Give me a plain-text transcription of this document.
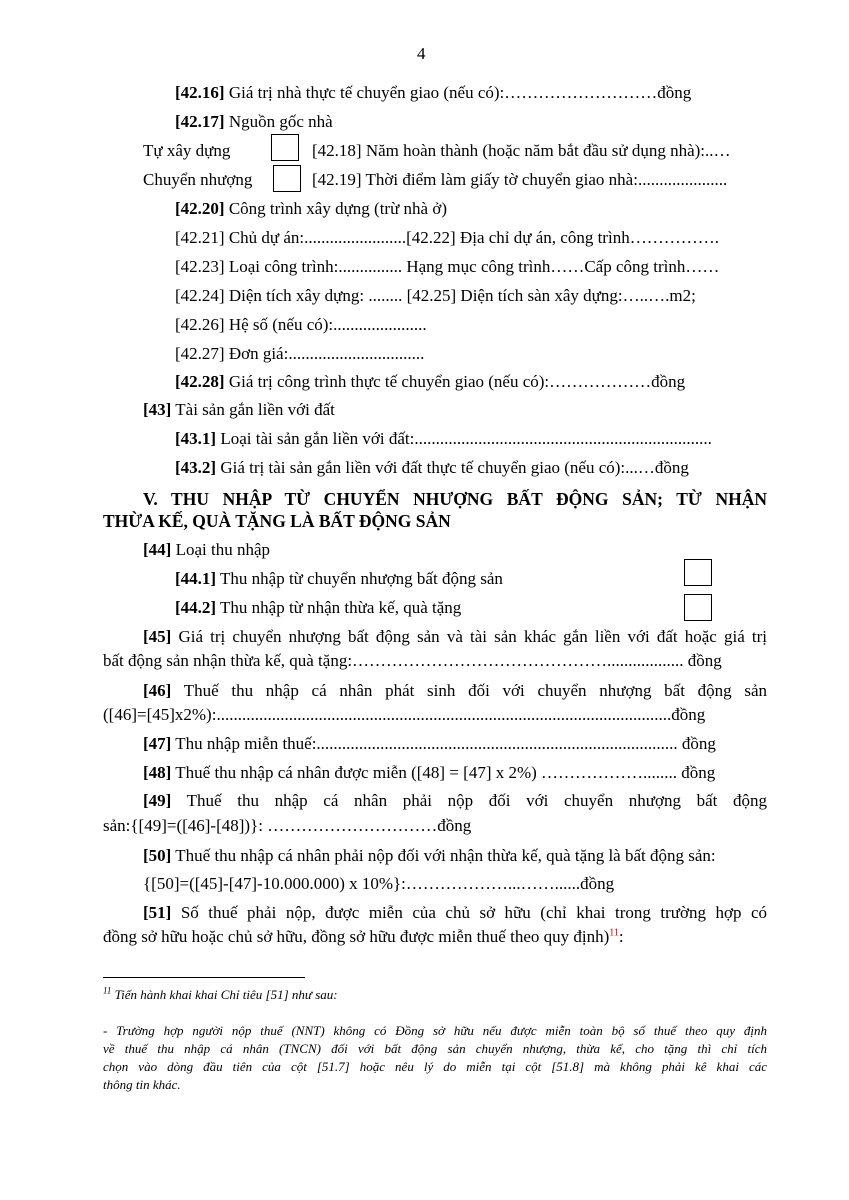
4
[42.16] Giá trị nhà thực tế chuyển giao (nếu có):………………………đồng
[42.17] Nguồn gốc nhà
Tự xây dựng	[42.18] Năm hoàn thành (hoặc năm bắt đầu sử dụng nhà):..…
Chuyển nhượng	[42.19] Thời điểm làm giấy tờ chuyển giao nhà:.....................
[42.20] Công trình xây dựng (trừ nhà ở)
[42.21] Chủ dự án:........................[42.22] Địa chỉ dự án, công trình…………….
[42.23] Loại công trình:............... Hạng mục công trình……Cấp công trình……
[42.24] Diện tích xây dựng: ........ [42.25] Diện tích sàn xây dựng:…..….m2;
[42.26] Hệ số (nếu có):......................
[42.27] Đơn giá:................................
[42.28] Giá trị công trình thực tế chuyển giao (nếu có):………………đồng
[43] Tài sản gắn liền với đất
[43.1] Loại tài sản gắn liền với đất:......................................................................
[43.2] Giá trị tài sản gắn liền với đất thực tế chuyển giao (nếu có):...…đồng
V. THU NHẬP TỪ CHUYỂN NHƯỢNG BẤT ĐỘNG SẢN; TỪ NHẬN
THỪA KẾ, QUÀ TẶNG LÀ BẤT ĐỘNG SẢN
[44] Loại thu nhập
[44.1] Thu nhập từ chuyển nhượng bất động sản
[44.2] Thu nhập từ nhận thừa kế, quà tặng
[45] Giá trị chuyển nhượng bất động sản và tài sản khác gắn liền với đất hoặc giá trị
bất động sản nhận thừa kế, quà tặng:……………………………………….................. đồng
[46] Thuế thu nhập cá nhân phát sinh đối với chuyển nhượng bất động sản
([46]=[45]x2%):...........................................................................................................đồng
[47] Thu nhập miễn thuế:..................................................................................... đồng
[48] Thuế thu nhập cá nhân được miễn ([48] = [47] x 2%) ………………........ đồng
[49] Thuế thu nhập cá nhân phải nộp đối với chuyển nhượng bất động
sản:{[49]=([46]-[48])}: …………………………đồng
[50] Thuế thu nhập cá nhân phải nộp đối với nhận thừa kế, quà tặng là bất động sản:
{[50]=([45]-[47]-10.000.000) x 10%}:………………...……......đồng
[51] Số thuế phải nộp, được miễn của chủ sở hữu (chỉ khai trong trường hợp có
đồng sở hữu hoặc chủ sở hữu, đồng sở hữu được miễn thuế theo quy định)$^{11}$:
$^{11}$ Tiến hành khai khai Chỉ tiêu [51] như sau:
- Trường hợp người nộp thuế (NNT) không có Đồng sở hữu nếu được miễn toàn bộ số thuế theo quy định
về thuế thu nhập cá nhân (TNCN) đối với bất động sản chuyển nhượng, thừa kế, cho tặng thì chỉ tích
chọn vào dòng đầu tiên của cột [51.7] hoặc nêu lý do miễn tại cột [51.8] mà không phải kê khai các
thông tin khác.
